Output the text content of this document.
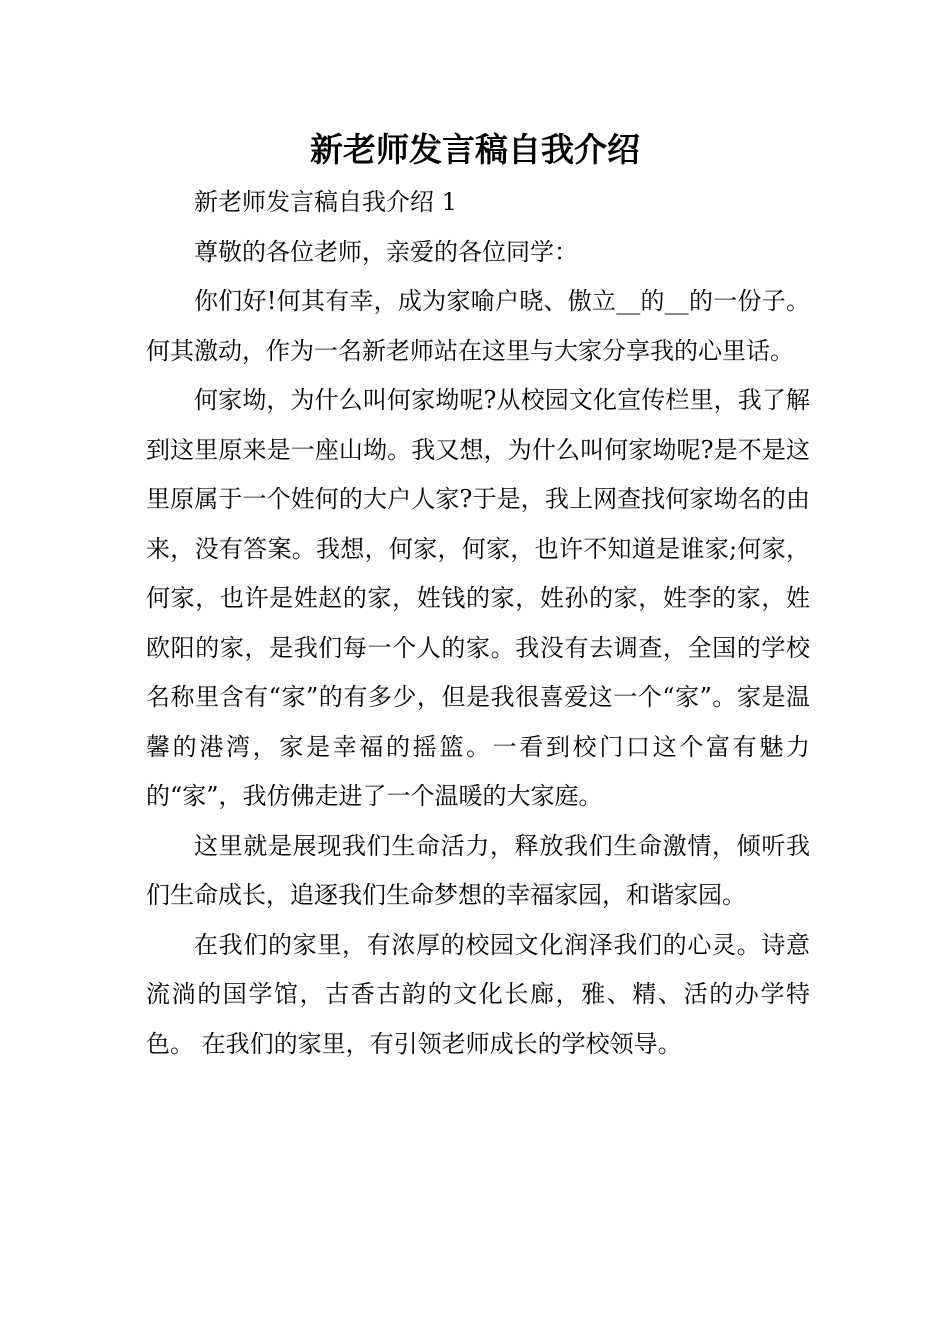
新老师发言稿自我介绍

新老师发言稿自我介绍 1

尊敬的各位老师，亲爱的各位同学：

你们好!何其有幸，成为家喻户晓、傲立__的__的一份子。何其激动，作为一名新老师站在这里与大家分享我的心里话。

何家坳，为什么叫何家坳呢?从校园文化宣传栏里，我了解到这里原来是一座山坳。我又想，为什么叫何家坳呢?是不是这里原属于一个姓何的大户人家?于是，我上网查找何家坳名的由来，没有答案。我想，何家，何家，也许不知道是谁家;何家，何家，也许是姓赵的家，姓钱的家，姓孙的家，姓李的家，姓欧阳的家，是我们每一个人的家。我没有去调查，全国的学校名称里含有“家”的有多少，但是我很喜爱这一个“家”。家是温馨的港湾，家是幸福的摇篮。一看到校门口这个富有魅力的“家”，我仿佛走进了一个温暖的大家庭。

这里就是展现我们生命活力，释放我们生命激情，倾听我们生命成长，追逐我们生命梦想的幸福家园，和谐家园。

在我们的家里，有浓厚的校园文化润泽我们的心灵。诗意流淌的国学馆，古香古韵的文化长廊，雅、精、活的办学特色。 在我们的家里，有引领老师成长的学校领导。
